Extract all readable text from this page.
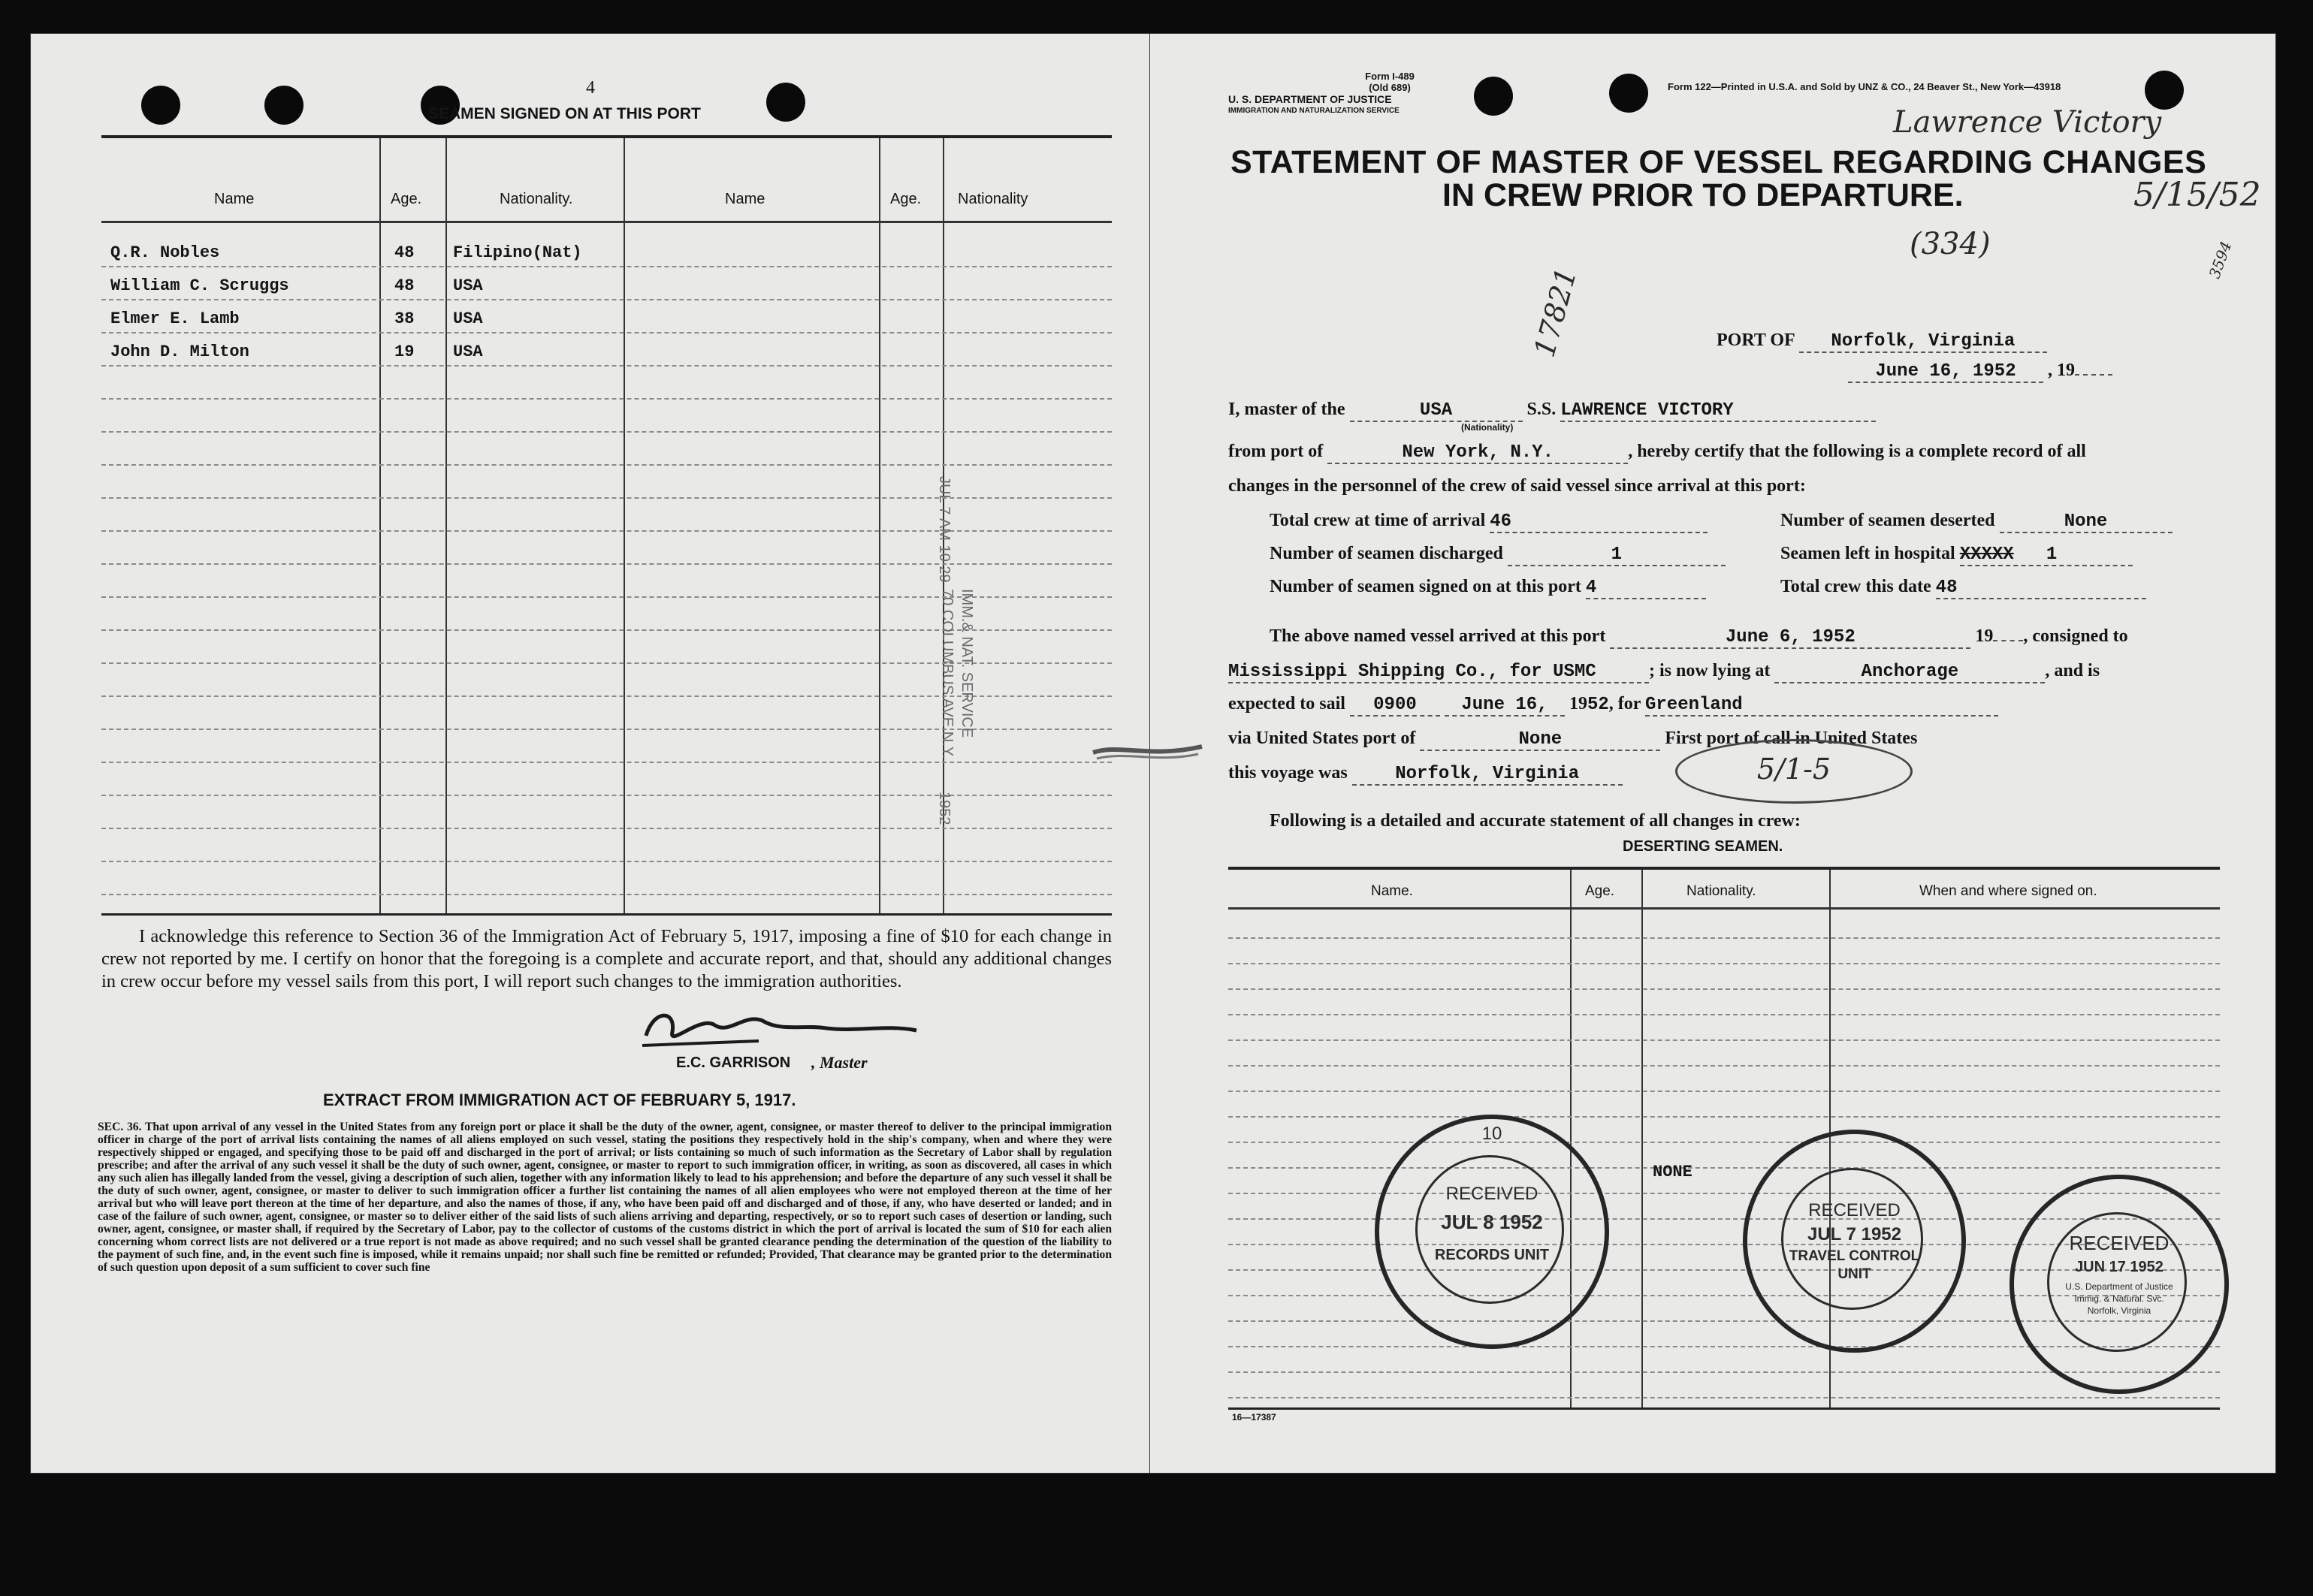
4
SEAMEN SIGNED ON AT THIS PORT
Name	Age.	Nationality.	Name	Age. Nationality
Q.R. Nobles	48 Filipino(Nat)
William C. Scruggs	48 USA
Elmer E. Lamb	38 USA
John D. Milton	19 USA
IMM.& NAT. SERVICE
70 COLUMBUS AVE.N.Y.
JUL 7 AM 10 29
1952
I acknowledge this reference to Section 36 of the Immigration Act of February 5, 1917, imposing a fine of $10 for each change in crew not reported by me. I certify on honor that the foregoing is a complete and accurate report, and that, should any additional changes in crew occur before my vessel sails from this port, I will report such changes to the immigration authorities.
E.C. GARRISON , Master
EXTRACT FROM IMMIGRATION ACT OF FEBRUARY 5, 1917.
SEC. 36. That upon arrival of any vessel in the United States from any foreign port or place it shall be the duty of the owner, agent, consignee, or master thereof to deliver to the principal immigration officer in charge of the port of arrival lists containing the names of all aliens employed on such vessel, stating the positions they respectively hold in the ship's company, when and where they were respectively shipped or engaged, and specifying those to be paid off and discharged in the port of arrival; or lists containing so much of such information as the Secretary of Labor shall by regulation prescribe; and after the arrival of any such vessel it shall be the duty of such owner, agent, consignee, or master to report to such immigration officer, in writing, as soon as discovered, all cases in which any such alien has illegally landed from the vessel, giving a description of such alien, together with any information likely to lead to his apprehension; and before the departure of any such vessel it shall be the duty of such owner, agent, consignee, or master to deliver to such immigration officer a further list containing the names of all alien employees who were not employed thereon at the time of her arrival but who will leave port thereon at the time of her departure, and also the names of those, if any, who have been paid off and discharged and of those, if any, who have deserted or landed; and in case of the failure of such owner, agent, consignee, or master so to deliver either of the said lists of such aliens arriving and departing, respectively, or so to report such cases of desertion or landing, such owner, agent, consignee, or master shall, if required by the Secretary of Labor, pay to the collector of customs of the customs district in which the port of arrival is located the sum of $10 for each alien concerning whom correct lists are not delivered or a true report is not made as above required; and no such vessel shall be granted clearance pending the determination of the question of the liability to the payment of such fine, and, in the event such fine is imposed, while it remains unpaid; nor shall such fine be remitted or refunded; Provided, That clearance may be granted prior to the determination of such question upon deposit of a sum sufficient to cover such fine
Form I-489
(Old 689)
U. S. DEPARTMENT OF JUSTICE
IMMIGRATION AND NATURALIZATION SERVICE
Form 122—Printed in U.S.A. and Sold by UNZ & CO., 24 Beaver St., New York—43918
Lawrence Victory
STATEMENT OF MASTER OF VESSEL REGARDING CHANGES
IN CREW PRIOR TO DEPARTURE.	5/15/52
(334)	3594
17821	PORT OF Norfolk, Virginia
June 16, 1952 , 19
I, master of the	USA	S.S. LAWRENCE VICTORY
(Nationality)
from port of	New York, N.Y.	, hereby certify that the following is a complete record of all
changes in the personnel of the crew of said vessel since arrival at this port:
Total crew at time of arrival 46	Number of seamen deserted	None
Number of seamen discharged	1	Seamen left in hospital XXXXX 1
Number of seamen signed on at this port 4	Total crew this date 48
The above named vessel arrived at this port	June 6, 1952	19 , consigned to
Mississippi Shipping Co., for USMC	; is now lying at	Anchorage	, and is
expected to sail 0900 June 16, 1952, for Greenland
via United States port of	None	First port of call in United States
this voyage was	Norfolk, Virginia	5/1-5
Following is a detailed and accurate statement of all changes in crew:
DESERTING SEAMEN.
Name.	Age.	Nationality.	When and where signed on.
NONE
16—17387
10
RECEIVED
JUL 8 1952
RECORDS UNIT
RECEIVED
JUL 7 1952
TRAVEL CONTROL
UNIT
RECEIVED
JUN 17 1952
U.S. Department of Justice
Immig. & Natural. Svc.
Norfolk, Virginia
